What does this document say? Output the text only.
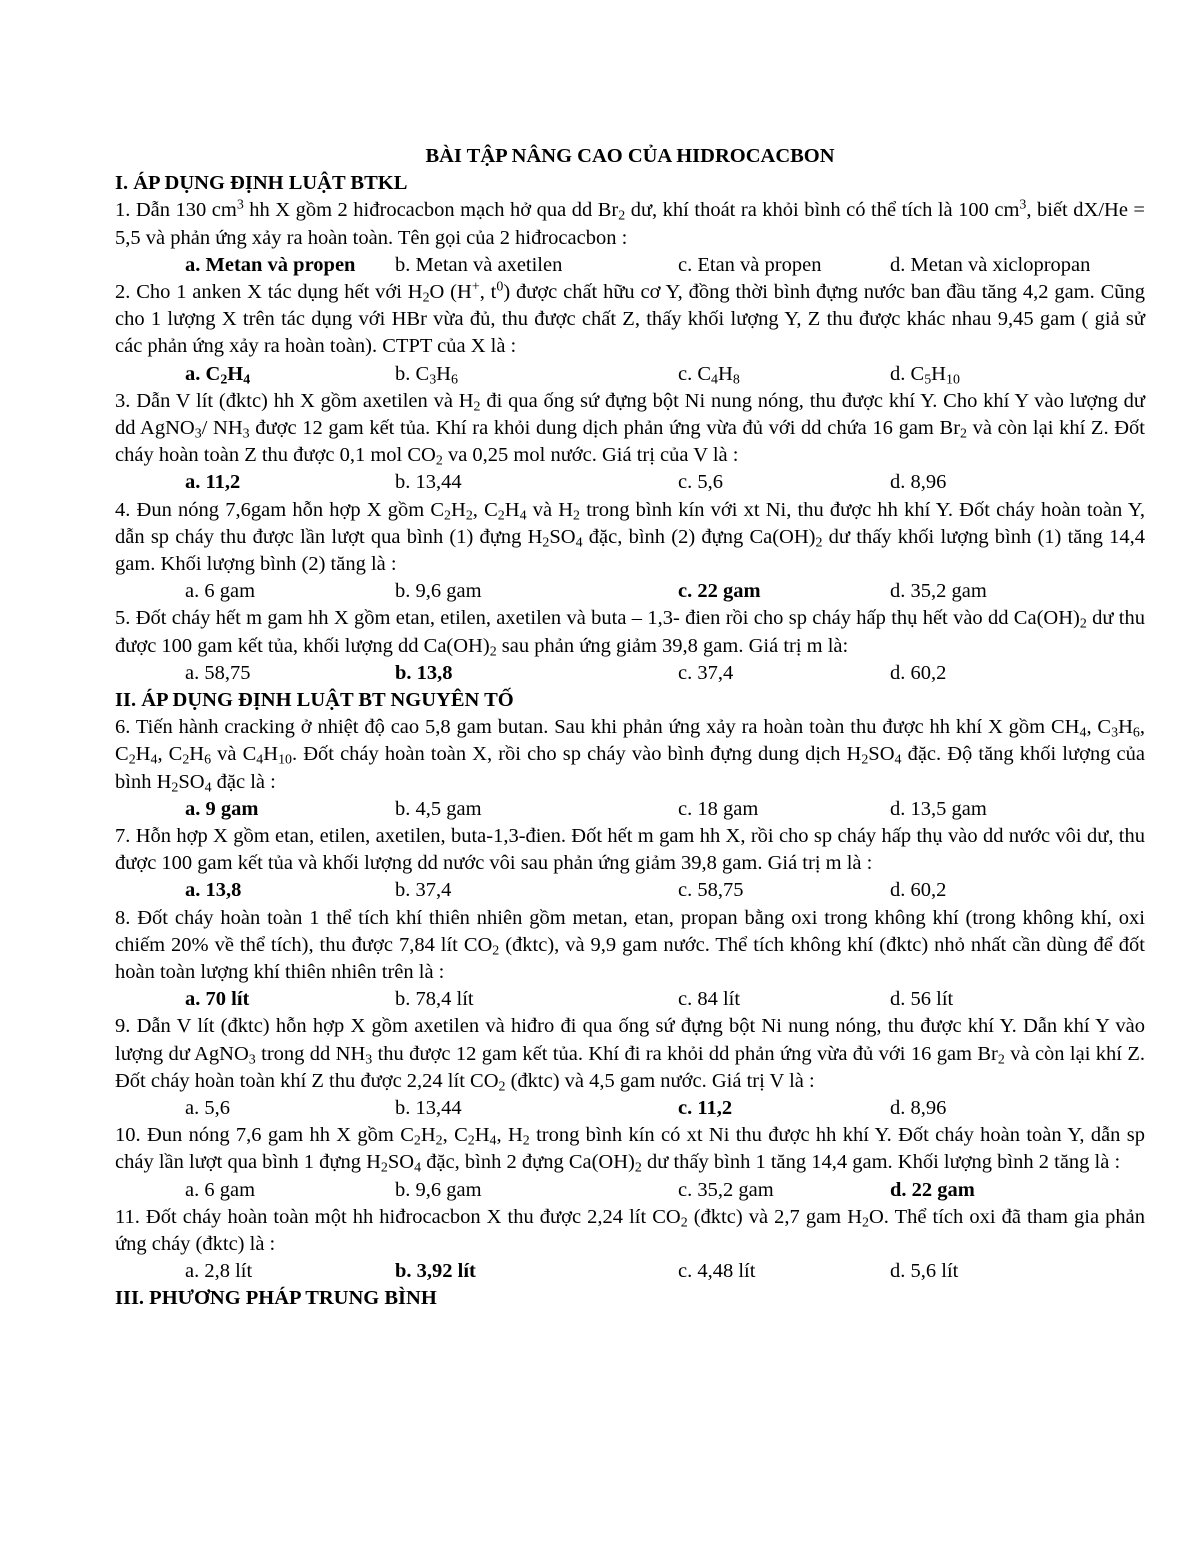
BÀI TẬP NÂNG CAO CỦA HIDROCACBON

I. ÁP DỤNG ĐỊNH LUẬT BTKL

1. Dẫn 130 $cm^3$ hh X gồm 2 hiđrocacbon mạch hở qua dd $Br_2$ dư, khí thoát ra khỏi bình có thể tích là 100 $cm^3$, biết dX/He = 5,5 và phản ứng xảy ra hoàn toàn. Tên gọi của 2 hiđrocacbon :

a. Metan và propen b. Metan và axetilen	c. Etan và propen	d. Metan và xiclopropan

2. Cho 1 anken X tác dụng hết với $H_2O$ (H+, $t^0$) được chất hữu cơ Y, đồng thời bình đựng nước ban đầu tăng 4,2 gam. Cũng cho 1 lượng X trên tác dụng với HBr vừa đủ, thu được chất Z, thấy khối lượng Y, Z thu được khác nhau 9,45 gam ( giả sử các phản ứng xảy ra hoàn toàn). CTPT của X là :

a. $C_2H_4$	b. $C_3H_6$	c. $C_4H_8$	d. $C_5H_{10}$

3. Dẫn V lít (đktc) hh X gồm axetilen và $H_2$ đi qua ống sứ đựng bột Ni nung nóng, thu được khí Y. Cho khí Y vào lượng dư dd AgNO$_3$/ $NH_3$ được 12 gam kết tủa. Khí ra khỏi dung dịch phản ứng vừa đủ với dd chứa 16 gam $Br_2$ và còn lại khí Z. Đốt cháy hoàn toàn Z thu được 0,1 mol $CO_2$ va 0,25 mol nước. Giá trị của V là :

a. 11,2	b. 13,44	c. 5,6	d. 8,96

4. Đun nóng 7,6gam hỗn hợp X gồm $C_2H_2$, $C_2H_4$ và $H_2$ trong bình kín với xt Ni, thu được hh khí Y. Đốt cháy hoàn toàn Y, dẫn sp cháy thu được lần lượt qua bình (1) đựng $H_2SO_4$ đặc, bình (2) đựng $Ca(OH)_2$ dư thấy khối lượng bình (1) tăng 14,4 gam. Khối lượng bình (2) tăng là :

a. 6 gam	b. 9,6 gam	c. 22 gam	d. 35,2 gam

5. Đốt cháy hết m gam hh X gồm etan, etilen, axetilen và buta – 1,3- đien rồi cho sp cháy hấp thụ hết vào dd $Ca(OH)_2$ dư thu được 100 gam kết tủa, khối lượng dd $Ca(OH)_2$ sau phản ứng giảm 39,8 gam. Giá trị m là:

a. 58,75	b. 13,8	c. 37,4	d. 60,2

II. ÁP DỤNG ĐỊNH LUẬT BT NGUYÊN TỐ

6. Tiến hành cracking ở nhiệt độ cao 5,8 gam butan. Sau khi phản ứng xảy ra hoàn toàn thu được hh khí X gồm $CH_4$, $C_3H_6$, $C_2H_4$, $C_2H_6$ và $C_4H_{10}$. Đốt cháy hoàn toàn X, rồi cho sp cháy vào bình đựng dung dịch $H_2SO_4$ đặc. Độ tăng khối lượng của bình $H_2SO_4$ đặc là :

a. 9 gam	b. 4,5 gam	c. 18 gam	d. 13,5 gam

7. Hỗn hợp X gồm etan, etilen, axetilen, buta-1,3-đien. Đốt hết m gam hh X, rồi cho sp cháy hấp thụ vào dd nước vôi dư, thu được 100 gam kết tủa và khối lượng dd nước vôi sau phản ứng giảm 39,8 gam. Giá trị m là :

a. 13,8	b. 37,4	c. 58,75	d. 60,2

8. Đốt cháy hoàn toàn 1 thể tích khí thiên nhiên gồm metan, etan, propan bằng oxi trong không khí (trong không khí, oxi chiếm 20% về thể tích), thu được 7,84 lít $CO_2$ (đktc), và 9,9 gam nước. Thể tích không khí (đktc) nhỏ nhất cần dùng để đốt hoàn toàn lượng khí thiên nhiên trên là :

a. 70 lít	b. 78,4 lít	c. 84 lít	d. 56 lít

9. Dẫn V lít (đktc) hỗn hợp X gồm axetilen và hiđro đi qua ống sứ đựng bột Ni nung nóng, thu được khí Y. Dẫn khí Y vào lượng dư AgNO$_3$ trong dd $NH_3$ thu được 12 gam kết tủa. Khí đi ra khỏi dd phản ứng vừa đủ với 16 gam $Br_2$ và còn lại khí Z. Đốt cháy hoàn toàn khí Z thu được 2,24 lít $CO_2$ (đktc) và 4,5 gam nước. Giá trị V là :

a. 5,6	b. 13,44	c. 11,2	d. 8,96

10. Đun nóng 7,6 gam hh X gồm $C_2H_2$, $C_2H_4$, $H_2$ trong bình kín có xt Ni thu được hh khí Y. Đốt cháy hoàn toàn Y, dẫn sp cháy lần lượt qua bình 1 đựng $H_2SO_4$ đặc, bình 2 đựng $Ca(OH)_2$ dư thấy bình 1 tăng 14,4 gam. Khối lượng bình 2 tăng là :

a. 6 gam	b. 9,6 gam	c. 35,2 gam	d. 22 gam

11. Đốt cháy hoàn toàn một hh hiđrocacbon X thu được 2,24 lít $CO_2$ (đktc) và 2,7 gam $H_2O$. Thể tích oxi đã tham gia phản ứng cháy (đktc) là :

a. 2,8 lít	b. 3,92 lít	c. 4,48 lít	d. 5,6 lít

III. PHƯƠNG PHÁP TRUNG BÌNH
